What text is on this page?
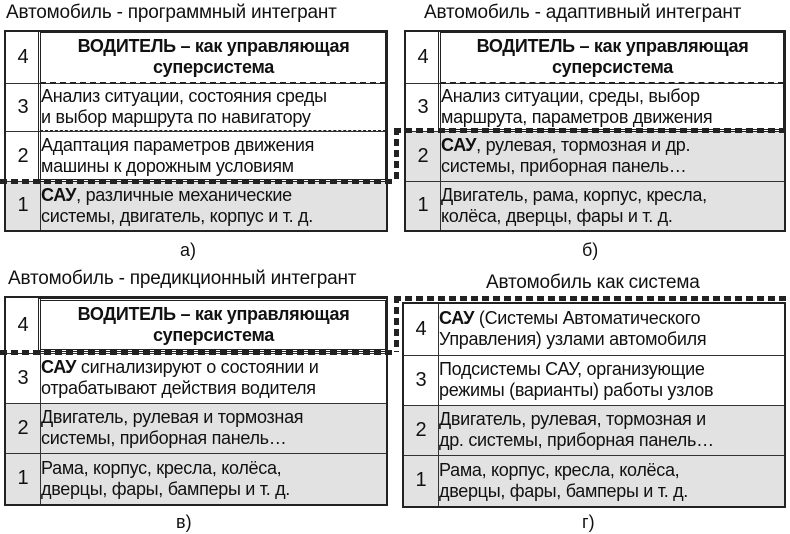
Автомобиль - программный интегрант
4	ВОДИТЕЛЬ – как управляющая
суперсистема
3	Анализ ситуации, состояния среды
и выбор маршрута по навигатору
2	Адаптация параметров движения
машины к дорожным условиям
1	САУ, различные механические
системы, двигатель, корпус и т. д.
а)
Автомобиль - адаптивный интегрант
4	ВОДИТЕЛЬ – как управляющая
суперсистема
3	Анализ ситуации, среды, выбор
маршрута, параметров движения
2	САУ, рулевая, тормозная и др.
системы, приборная панель…
1	Двигатель, рама, корпус, кресла,
колёса, дверцы, фары и т. д.
б)
Автомобиль - предикционный интегрант
4	ВОДИТЕЛЬ – как управляющая
суперсистема
3	САУ сигнализируют о состоянии и
отрабатывают действия водителя
2	Двигатель, рулевая и тормозная
системы, приборная панель…
1	Рама, корпус, кресла, колёса,
дверцы, фары, бамперы и т. д.
в)
Автомобиль как система
4	САУ (Системы Автоматического
Управления) узлами автомобиля
3	Подсистемы САУ, организующие
режимы (варианты) работы узлов
2	Двигатель, рулевая, тормозная и
др. системы, приборная панель…
1	Рама, корпус, кресла, колёса,
дверцы, фары, бамперы и т. д.
г)
